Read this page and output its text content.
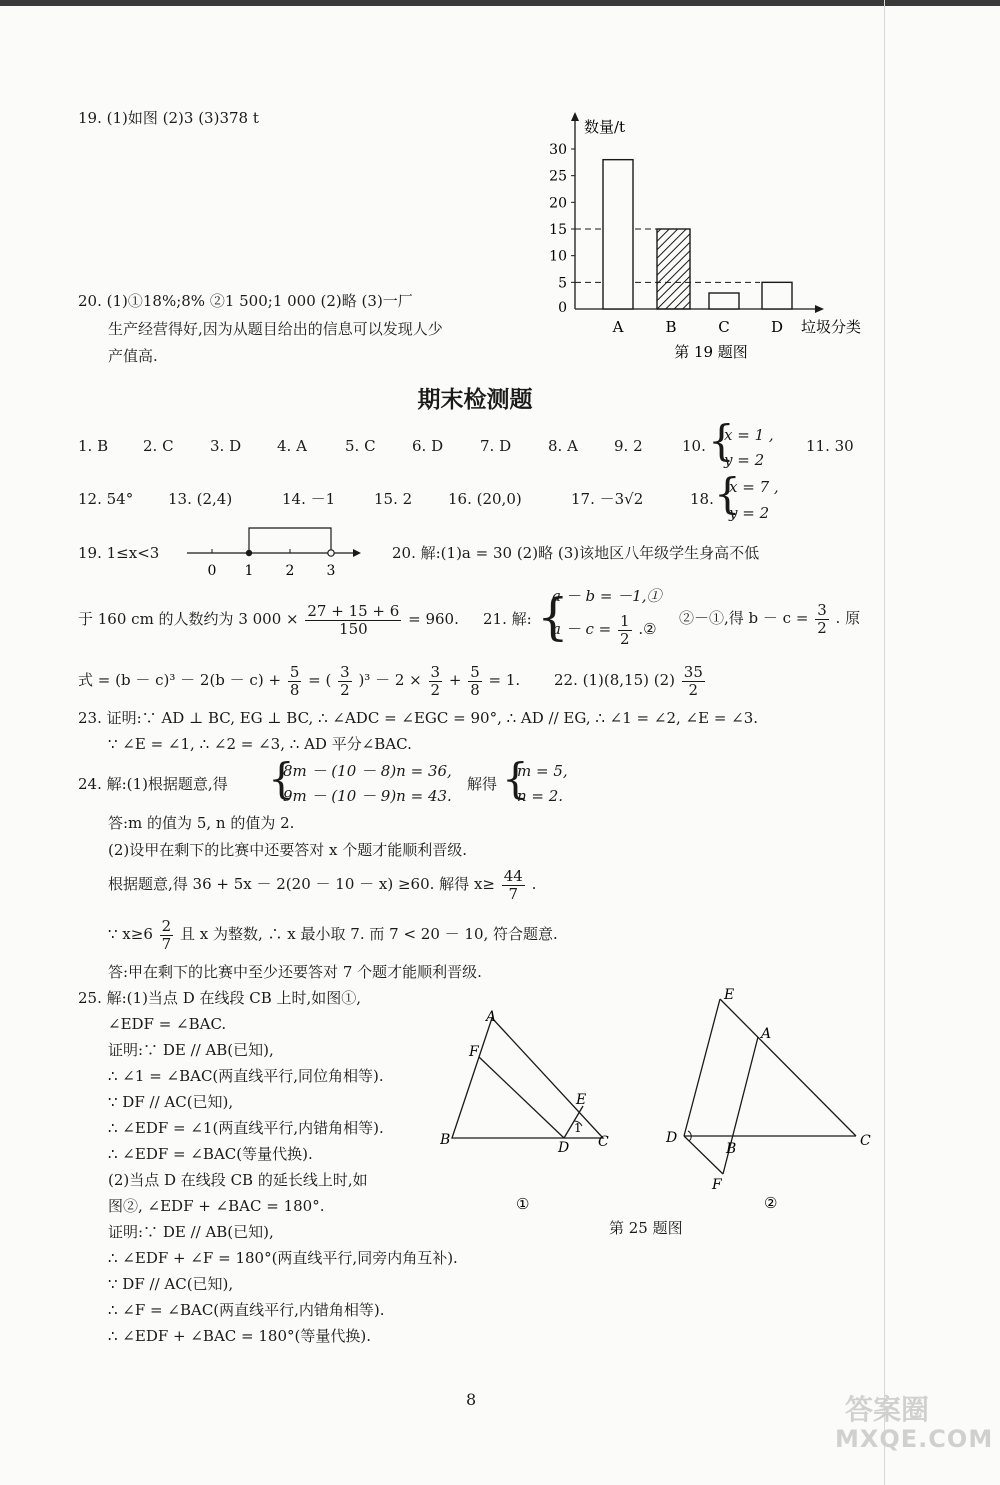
19. (1)如图 (2)3 (3)378 t
20. (1)①18%;8% ②1 500;1 000 (2)略 (3)一厂
生产经营得好,因为从题目给出的信息可以发现人少
产值高.
30
25
20
15
10
5
0
A	B	C	D
数量/t
垃圾分类
第 19 题图
期末检测题
1. B 2. C 3. D 4. A	5. C 6. D 7. D 8. A 9. 2	10. {
x = 1 ,
y = 2
11. 30
12. 54° 13. (2,4)	14. －1	15. 2 16. (20,0)	17. －3√2	18. {
x = 7 ,
y = 2
19. 1≤x<3
0 1 2 3
20. 解:(1)a = 30 (2)略 (3)该地区八年级学生身高不低
于 160 cm 的人数约为 3 $000 \times \frac{27 + 15 + 6}{150} = 960$. 21. 解: {
a － b = －1,①
$a - c = \frac{1}{2}$ .②
②－①,得 $b - c = \frac{3}{2}$ . 原
式 = $(b - c)^3 - 2(b - c) + \frac{5}{8}$ = ( $\frac{3}{2} )^3 - 2 \times \frac{3}{2} + \frac{5}{8} = 1$. 22. (1)(8,15) $(2) \frac{35}{2}$
23. 证明:∵ AD ⊥ BC, EG ⊥ BC, ∴ ∠ADC = ∠EGC = 90°, ∴ AD // EG, ∴ ∠1 = ∠2, ∠E = ∠3.
∵ ∠E = ∠1, ∴ ∠2 = ∠3, ∴ AD 平分∠BAC.
24. 解:(1)根据题意,得 {
8m － (10 － 8)n = 36,
9m － (10 － 9)n = 43.
解得 {
m = 5,
n = 2.
答:m 的值为 5, n 的值为 2.
(2)设甲在剩下的比赛中还要答对 x 个题才能顺利晋级.
根据题意,得 36 + 5x － 2(20 － 10 － x) ≥60. 解得 $x\ge \frac{44}{7}$ .
∵ $x\ge 6 \frac{2}{7}$ 且 x 为整数, ∴ x 最小取 7. 而 7 < 20 － 10, 符合题意.
答:甲在剩下的比赛中至少还要答对 7 个题才能顺利晋级.
25. 解:(1)当点 D 在线段 CB 上时,如图①,
∠EDF = ∠BAC.
证明:∵ DE // AB(已知),
∴ ∠1 = ∠BAC(两直线平行,同位角相等).
∵ DF // AC(已知),
∴ ∠EDF = ∠1(两直线平行,内错角相等).
∴ ∠EDF = ∠BAC(等量代换).
(2)当点 D 在线段 CB 的延长线上时,如
图②, ∠EDF + ∠BAC = 180°.
证明:∵ DE // AB(已知),
∴ ∠EDF + ∠F = 180°(两直线平行,同旁内角互补).
∵ DF // AC(已知),
∴ ∠F = ∠BAC(两直线平行,内错角相等).
∴ ∠EDF + ∠BAC = 180°(等量代换).
A
B	C
D
E
F
1
①
E
A
D
B	C
F
②
第 25 题图
8	答案圈
MXQE.COM
